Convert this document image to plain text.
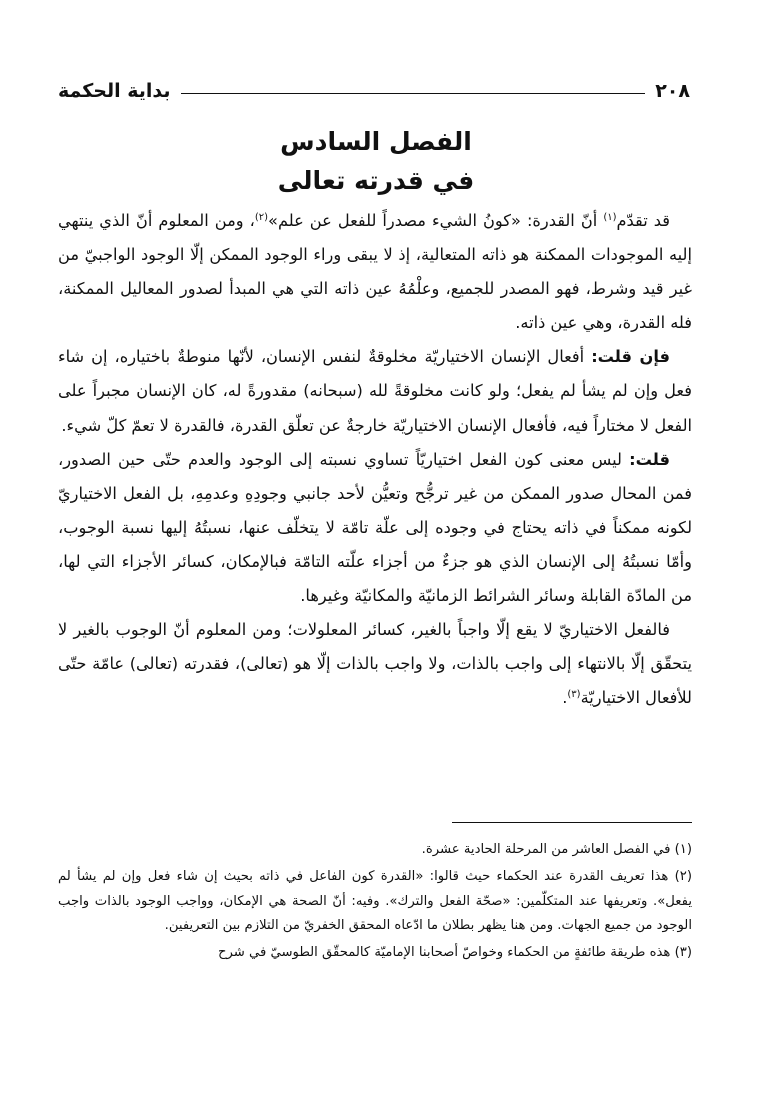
بداية الحكمة	٢٠٨
الفصل السادس
في قدرته تعالى

قد تقدّم$^{(١)}$ أنّ القدرة: «كونُ الشيء مصدراً للفعل عن علم»$^{(٢)}$، ومن المعلوم أنّ الذي ينتهي إليه الموجودات الممكنة هو ذاته المتعالية، إذ لا يبقى وراء الوجود الممكن إلّا الوجود الواجبيّ من غير قيد وشرط، فهو المصدر للجميع، وعلْمُهُ عين ذاته التي هي المبدأ لصدور المعاليل الممكنة، فله القدرة، وهي عين ذاته.

فإن قلت: أفعال الإنسان الاختياريّة مخلوقةٌ لنفس الإنسان، لأنّها منوطةٌ باختياره، إن شاء فعل وإن لم يشأ لم يفعل؛ ولو كانت مخلوقةً لله (سبحانه) مقدورةً له، كان الإنسان مجبراً على الفعل لا مختاراً فيه، فأفعال الإنسان الاختياريّة خارجةٌ عن تعلّق القدرة، فالقدرة لا تعمّ كلّ شيء.

قلت: ليس معنى كون الفعل اختياريّاً تساوي نسبته إلى الوجود والعدم حتّى حين الصدور، فمن المحال صدور الممكن من غير ترجُّح وتعيُّن لأحد جانبي وجودِهِ وعدمِهِ، بل الفعل الاختياريّ لكونه ممكناً في ذاته يحتاج في وجوده إلى علّة تامّة لا يتخلّف عنها، نسبتُهُ إليها نسبة الوجوب، وأمّا نسبتُهُ إلى الإنسان الذي هو جزءٌ من أجزاء علّته التامّة فبالإمكان، كسائر الأجزاء التي لها، من المادّة القابلة وسائر الشرائط الزمانيّة والمكانيّة وغيرها.

فالفعل الاختياريّ لا يقع إلّا واجباً بالغير، كسائر المعلولات؛ ومن المعلوم أنّ الوجوب بالغير لا يتحقّق إلّا بالانتهاء إلى واجب بالذات، ولا واجب بالذات إلّا هو (تعالى)، فقدرته (تعالى) عامّة حتّى للأفعال الاختياريّة$^{(٣)}$.

(١) في الفصل العاشر من المرحلة الحادية عشرة.
(٢) هذا تعريف القدرة عند الحكماء حيث قالوا: «القدرة كون الفاعل في ذاته بحيث إن شاء فعل وإن لم يشأ لم يفعل». وتعريفها عند المتكلّمين: «صحّة الفعل والترك». وفيه: أنّ الصحة هي الإمكان، وواجب الوجود بالذات واجب الوجود من جميع الجهات. ومن هنا يظهر بطلان ما ادّعاه المحقق الخفريّ من التلازم بين التعريفين.
(٣) هذه طريقة طائفةٍ من الحكماء وخواصّ أصحابنا الإماميّة كالمحقّق الطوسيّ في شرح
